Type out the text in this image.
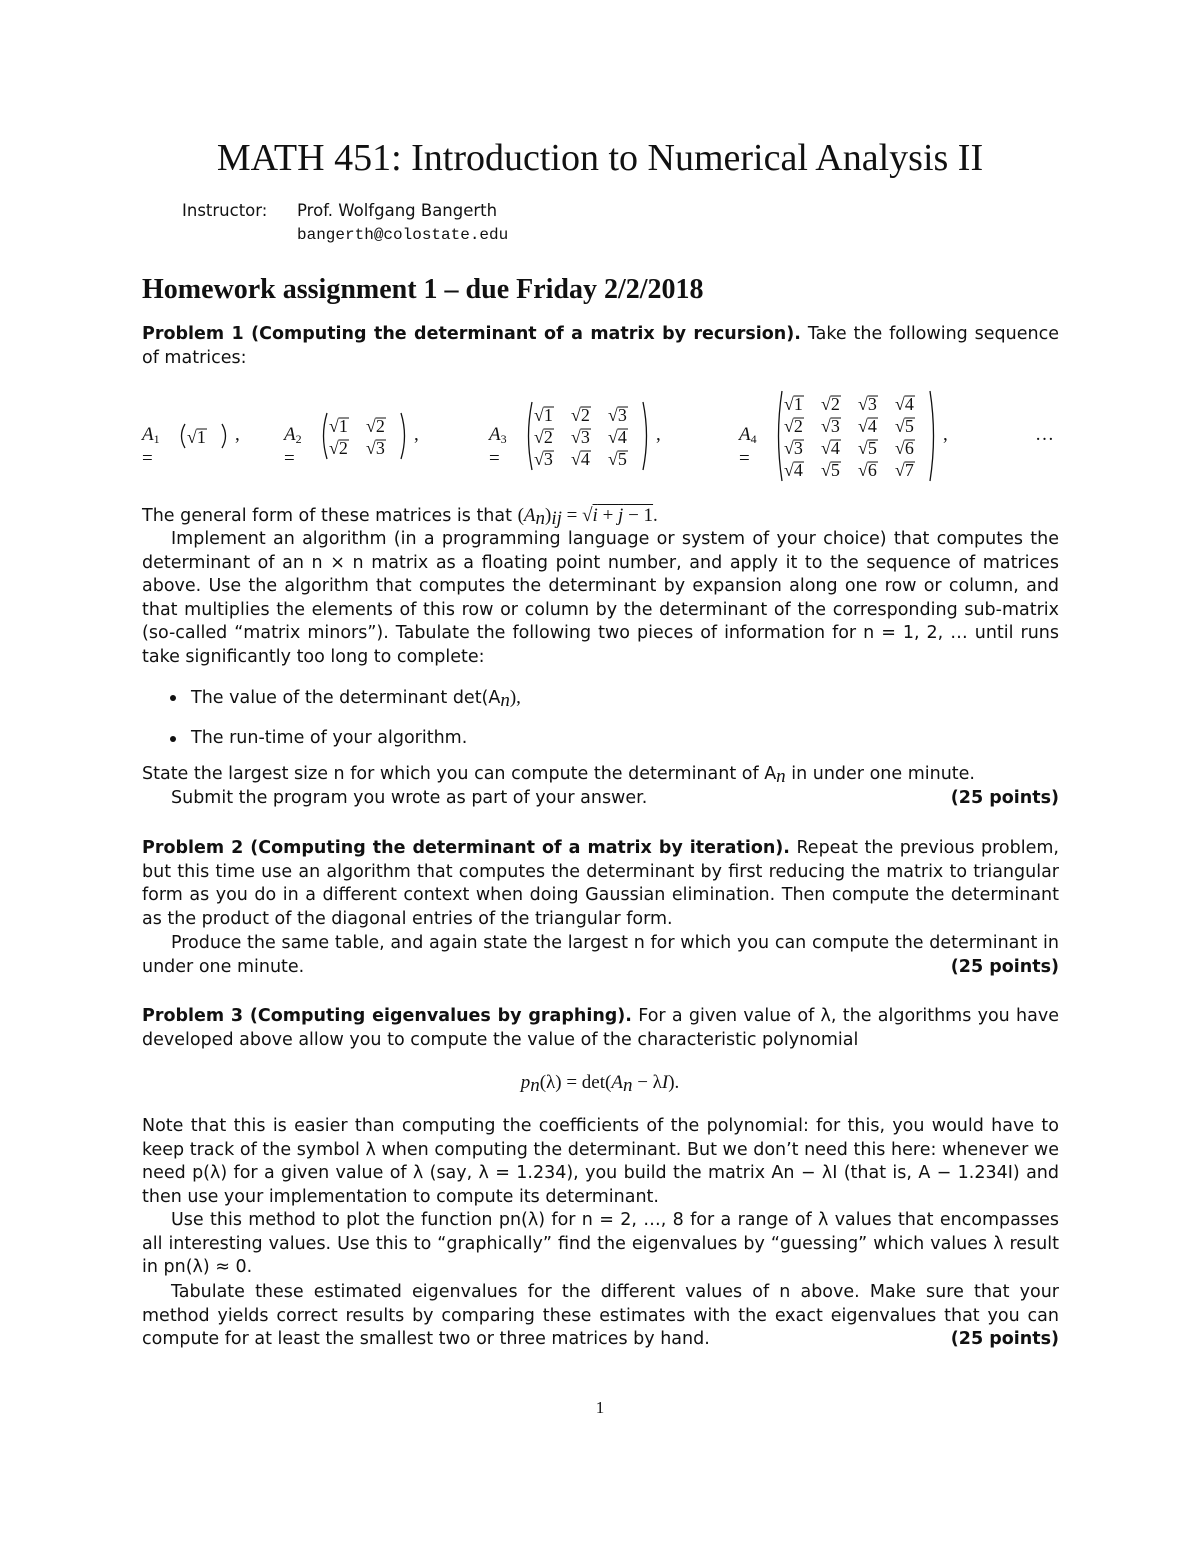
MATH 451: Introduction to Numerical Analysis II
Instructor: Prof. Wolfgang Bangerth
bangerth@colostate.edu
Homework assignment 1 – due Friday 2/2/2018
Problem 1 (Computing the determinant of a matrix by recursion). Take the following sequence of matrices:
$A_1$ =
√1 , $A_2$ =
√1 √2
√2 √3
,	$A_3$ =
√1 √2 √3
√2 √3 √4
√3 √4 √5
,	$A_4$ =
√1 √2 √3 √4
√2 √3 √4 √5
√3 √4 √5 √6
√4 √5 √6 √7
,	…
The general form of these matrices is that $(A_n)_{ij} = √i + j - 1$.
Implement an algorithm (in a programming language or system of your choice) that computes the determinant of an n × n matrix as a floating point number, and apply it to the sequence of matrices above. Use the algorithm that computes the determinant by expansion along one row or column, and that multiplies the elements of this row or column by the determinant of the corresponding sub-matrix (so-called “matrix minors”). Tabulate the following two pieces of information for n = 1, 2, … until runs take significantly too long to complete:
The value of the determinant $\det(A_n)$,
The run-time of your algorithm.
State the largest size n for which you can compute the determinant of $A_n$ in under one minute.
Submit the program you wrote as part of your answer.	(25 points)
Problem 2 (Computing the determinant of a matrix by iteration). Repeat the previous problem, but this time use an algorithm that computes the determinant by first reducing the matrix to triangular form as you do in a different context when doing Gaussian elimination. Then compute the determinant as the product of the diagonal entries of the triangular form.
Produce the same table, and again state the largest n for which you can compute the determinant in under one minute.	(25 points)
Problem 3 (Computing eigenvalues by graphing). For a given value of λ, the algorithms you have developed above allow you to compute the value of the characteristic polynomial
$p_n(\lambda) = \det(A_n - \lambda I)$.
Note that this is easier than computing the coefficients of the polynomial: for this, you would have to keep track of the symbol λ when computing the determinant. But we don’t need this here: whenever we need p(λ) for a given value of λ (say, λ = 1.234), you build the matrix An − λI (that is, A − 1.234I) and then use your implementation to compute its determinant.
Use this method to plot the function pn(λ) for n = 2, …, 8 for a range of λ values that encompasses all interesting values. Use this to “graphically” find the eigenvalues by “guessing” which values λ result in pn(λ) ≈ 0.
Tabulate these estimated eigenvalues for the different values of n above. Make sure that your method yields correct results by comparing these estimates with the exact eigenvalues that you can compute for at least the smallest two or three matrices by hand.	(25 points)
1
